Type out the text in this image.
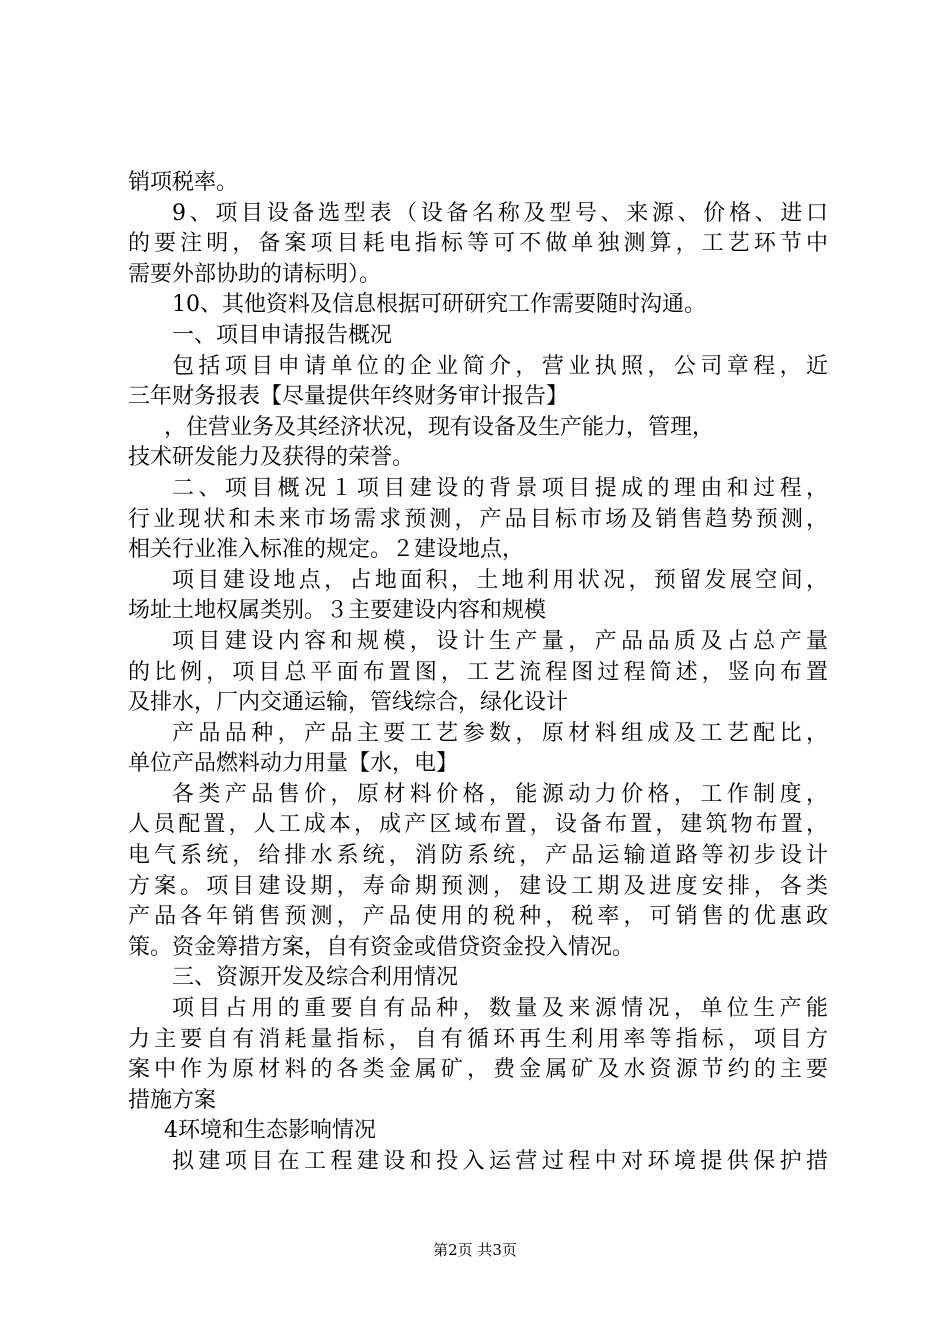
销项税率。
9、项目设备选型表（设备名称及型号、来源、价格、进口
的要注明，备案项目耗电指标等可不做单独测算，工艺环节中
需要外部协助的请标明）。
10、其他资料及信息根据可研研究工作需要随时沟通。
一、项目申请报告概况
包括项目申请单位的企业简介，营业执照，公司章程，近
三年财务报表【尽量提供年终财务审计报告】
，住营业务及其经济状况，现有设备及生产能力，管理，
技术研发能力及获得的荣誉。
二、项目概况１项目建设的背景项目提成的理由和过程，
行业现状和未来市场需求预测，产品目标市场及销售趋势预测，
相关行业准入标准的规定。２建设地点，
项目建设地点，占地面积，土地利用状况，预留发展空间，
场址土地权属类别。３主要建设内容和规模
项目建设内容和规模，设计生产量，产品品质及占总产量
的比例，项目总平面布置图，工艺流程图过程简述，竖向布置
及排水，厂内交通运输，管线综合，绿化设计
产品品种，产品主要工艺参数，原材料组成及工艺配比，
单位产品燃料动力用量【水，电】
各类产品售价，原材料价格，能源动力价格，工作制度，
人员配置，人工成本，成产区域布置，设备布置，建筑物布置，
电气系统，给排水系统，消防系统，产品运输道路等初步设计
方案。项目建设期，寿命期预测，建设工期及进度安排，各类
产品各年销售预测，产品使用的税种，税率，可销售的优惠政
策。资金筹措方案，自有资金或借贷资金投入情况。
三、资源开发及综合利用情况
项目占用的重要自有品种，数量及来源情况，单位生产能
力主要自有消耗量指标，自有循环再生利用率等指标，项目方
案中作为原材料的各类金属矿，费金属矿及水资源节约的主要
措施方案
4环境和生态影响情况
拟建项目在工程建设和投入运营过程中对环境提供保护措
第2页 共3页
